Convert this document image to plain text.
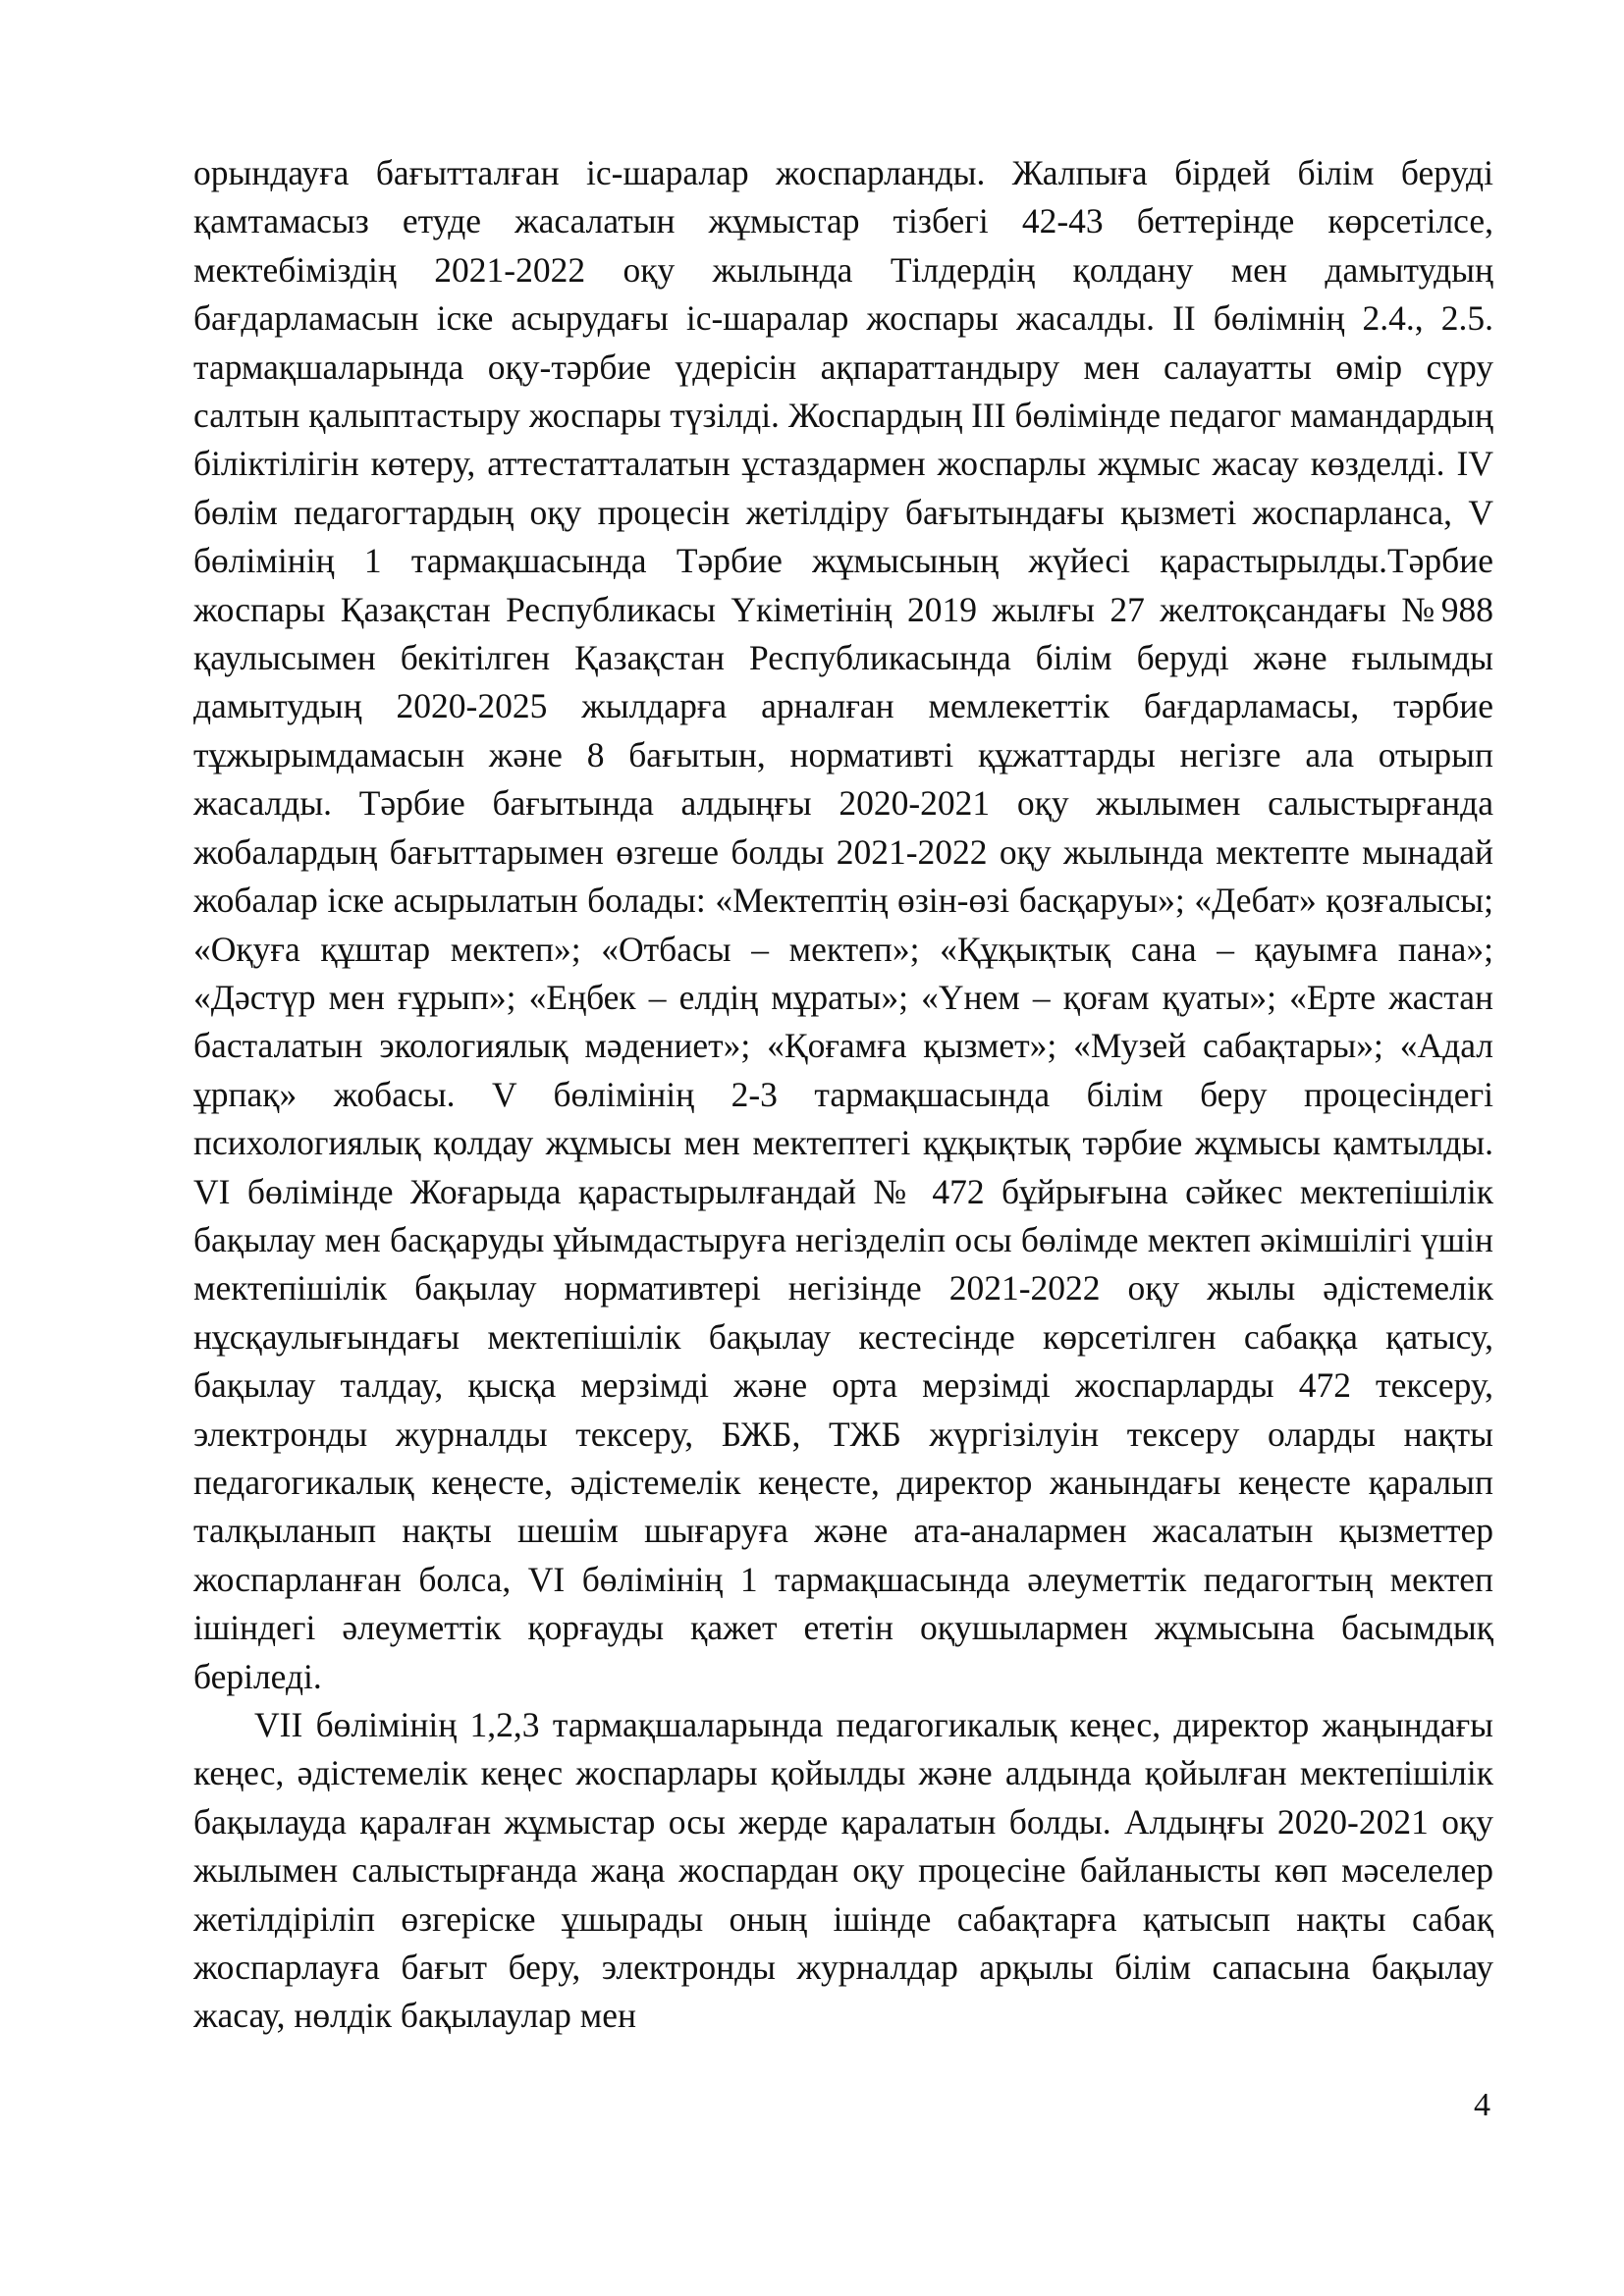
орындауға бағытталған іс-шаралар жоспарланды. Жалпыға бірдей білім беруді қамтамасыз етуде жасалатын жұмыстар тізбегі 42-43 беттерінде көрсетілсе, мектебіміздің 2021-2022 оқу жылында Тілдердің қолдану мен дамытудың бағдарламасын іске асырудағы іс-шаралар жоспары жасалды. ІІ бөлімнің 2.4., 2.5. тармақшаларында оқу-тәрбие үдерісін ақпараттандыру мен салауатты өмір сүру салтын қалыптастыру жоспары түзілді. Жоспардың ІІІ бөлімінде педагог мамандардың біліктілігін көтеру, аттестатталатын ұстаздармен жоспарлы жұмыс жасау көзделді. ІV бөлім педагогтардың оқу процесін жетілдіру бағытындағы қызметі жоспарланса, V бөлімінің 1 тармақшасында Тәрбие жұмысының жүйесі қарастырылды.Тәрбие жоспары Қазақстан Республикасы Үкіметінің 2019 жылғы 27 желтоқсандағы №988 қаулысымен бекітілген Қазақстан Республикасында білім беруді және ғылымды дамытудың 2020-2025 жылдарға арналған мемлекеттік бағдарламасы, тәрбие тұжырымдамасын және 8 бағытын, нормативті құжаттарды негізге ала отырып жасалды. Тәрбие бағытында алдыңғы 2020-2021 оқу жылымен салыстырғанда жобалардың бағыттарымен өзгеше болды 2021-2022 оқу жылында мектепте мынадай жобалар іске асырылатын болады: «Мектептің өзін-өзі басқаруы»; «Дебат» қозғалысы; «Оқуға құштар мектеп»; «Отбасы – мектеп»; «Құқықтық сана – қауымға пана»; «Дәстүр мен ғұрып»; «Еңбек – елдің мұраты»; «Үнем – қоғам қуаты»; «Ерте жастан басталатын экологиялық мәдениет»; «Қоғамға қызмет»; «Музей сабақтары»; «Адал ұрпақ» жобасы. V бөлімінің 2-3 тармақшасында білім беру процесіндегі психологиялық қолдау жұмысы мен мектептегі құқықтық тәрбие жұмысы қамтылды. VІ бөлімінде Жоғарыда қарастырылғандай № 472 бұйрығына сәйкес мектепішілік бақылау мен басқаруды ұйымдастыруға негізделіп осы бөлімде мектеп әкімшілігі үшін мектепішілік бақылау нормативтері негізінде 2021-2022 оқу жылы әдістемелік нұсқаулығындағы мектепішілік бақылау кестесінде көрсетілген сабаққа қатысу, бақылау талдау, қысқа мерзімді және орта мерзімді жоспарларды 472 тексеру, электронды журналды тексеру, БЖБ, ТЖБ жүргізілуін тексеру оларды нақты педагогикалық кеңесте, әдістемелік кеңесте, директор жанындағы кеңесте қаралып талқыланып нақты шешім шығаруға және ата-аналармен жасалатын қызметтер жоспарланған болса, VІ бөлімінің 1 тармақшасында әлеуметтік педагогтың мектеп ішіндегі әлеуметтік қорғауды қажет ететін оқушылармен жұмысына басымдық беріледі.

VІІ бөлімінің 1,2,3 тармақшаларында педагогикалық кеңес, директор жаңындағы кеңес, әдістемелік кеңес жоспарлары қойылды және алдында қойылған мектепішілік бақылауда қаралған жұмыстар осы жерде қаралатын болды. Алдыңғы 2020-2021 оқу жылымен салыстырғанда жаңа жоспардан оқу процесіне байланысты көп мәселелер жетілдіріліп өзгеріске ұшырады оның ішінде сабақтарға қатысып нақты сабақ жоспарлауға бағыт беру, электронды журналдар арқылы білім сапасына бақылау жасау, нөлдік бақылаулар мен

4
